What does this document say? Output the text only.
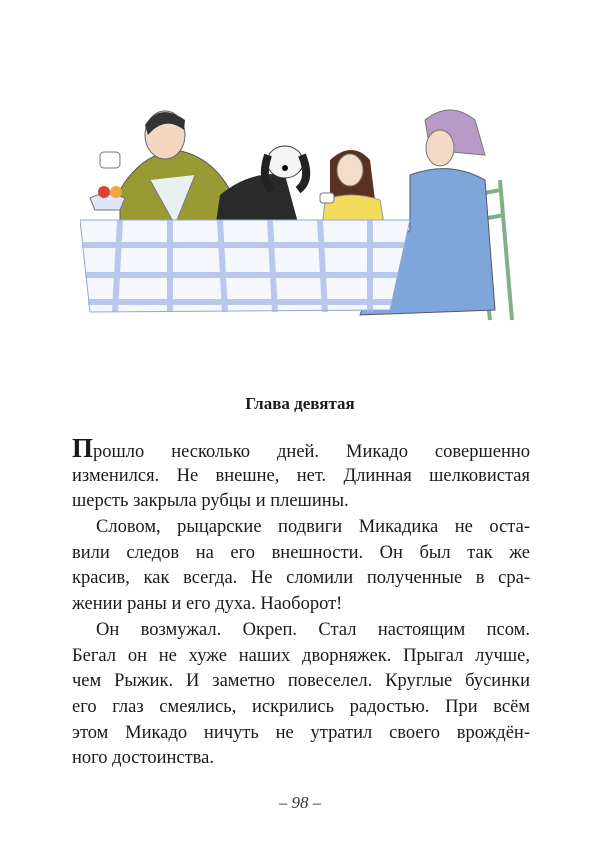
Глава девятая
Прошло несколько дней. Микадо совершенно
изменился. Не внешне, нет. Длинная шелковистая
шерсть закрыла рубцы и плешины.
Словом, рыцарские подвиги Микадика не оста-
вили следов на его внешности. Он был так же
красив, как всегда. Не сломили полученные в сра-
жении раны и его духа. Наоборот!
Он возмужал. Окреп. Стал настоящим псом.
Бегал он не хуже наших дворняжек. Прыгал лучше,
чем Рыжик. И заметно повеселел. Круглые бусинки
его глаз смеялись, искрились радостью. При всём
этом Микадо ничуть не утратил своего врождён-
ного достоинства.
– 98 –
